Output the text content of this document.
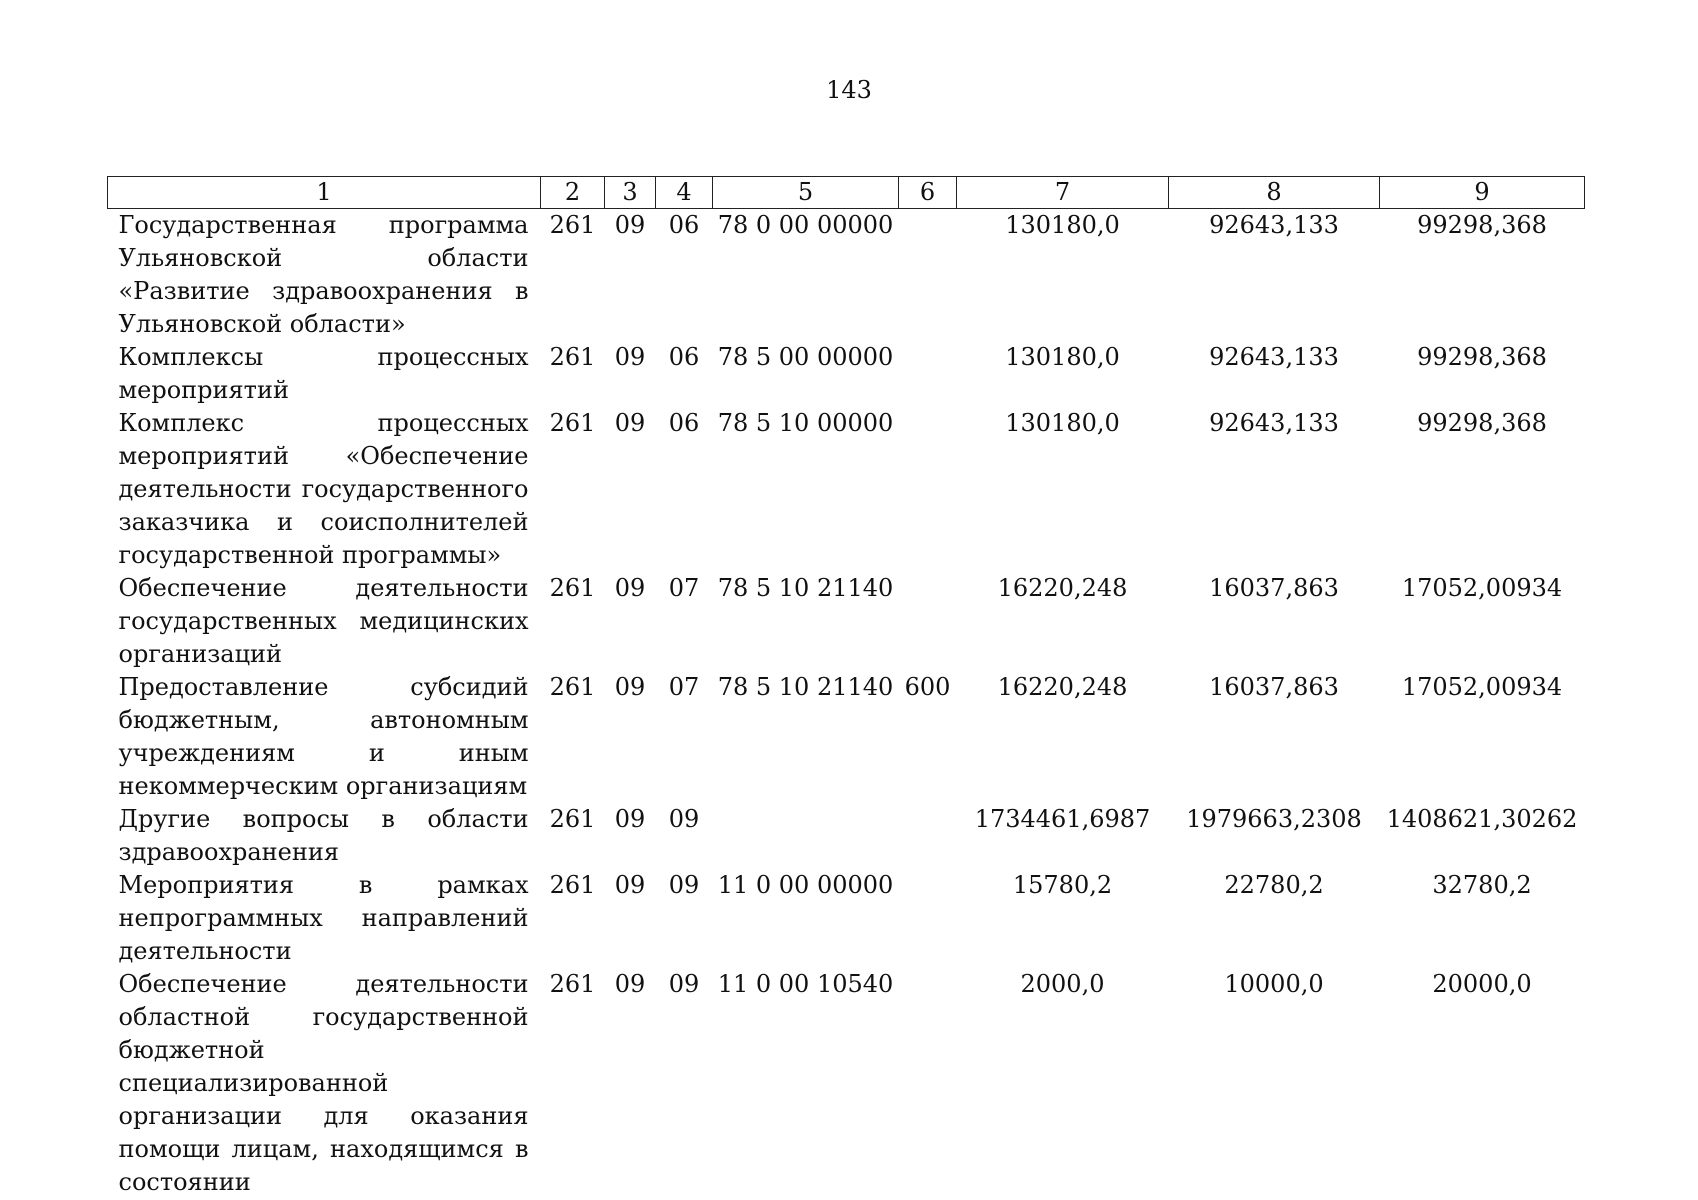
143
1	2	3	4	5	6	7	8	9
Государственная программа Ульяновской области «Развитие здравоохранения в Ульяновской области»	261	09	06	78 0 00 00000		130180,0	92643,133	99298,368
Комплексы процессных мероприятий	261	09	06	78 5 00 00000		130180,0	92643,133	99298,368
Комплекс процессных мероприятий «Обеспечение деятельности государственного заказчика и соисполнителей государственной программы»	261	09	06	78 5 10 00000		130180,0	92643,133	99298,368
Обеспечение деятельности государственных медицинских организаций	261	09	07	78 5 10 21140		16220,248	16037,863	17052,00934
Предоставление субсидий бюджетным, автономным учреждениям и иным некоммерческим организациям	261	09	07	78 5 10 21140	600	16220,248	16037,863	17052,00934
Другие вопросы в области здравоохранения	261	09	09			1734461,6987	1979663,2308	1408621,30262
Мероприятия в рамках непрограммных направлений деятельности	261	09	09	11 0 00 00000		15780,2	22780,2	32780,2
Обеспечение деятельности областной государственной бюджетной специализированной организации для оказания помощи лицам, находящимся в состоянии	261	09	09	11 0 00 10540		2000,0	10000,0	20000,0
